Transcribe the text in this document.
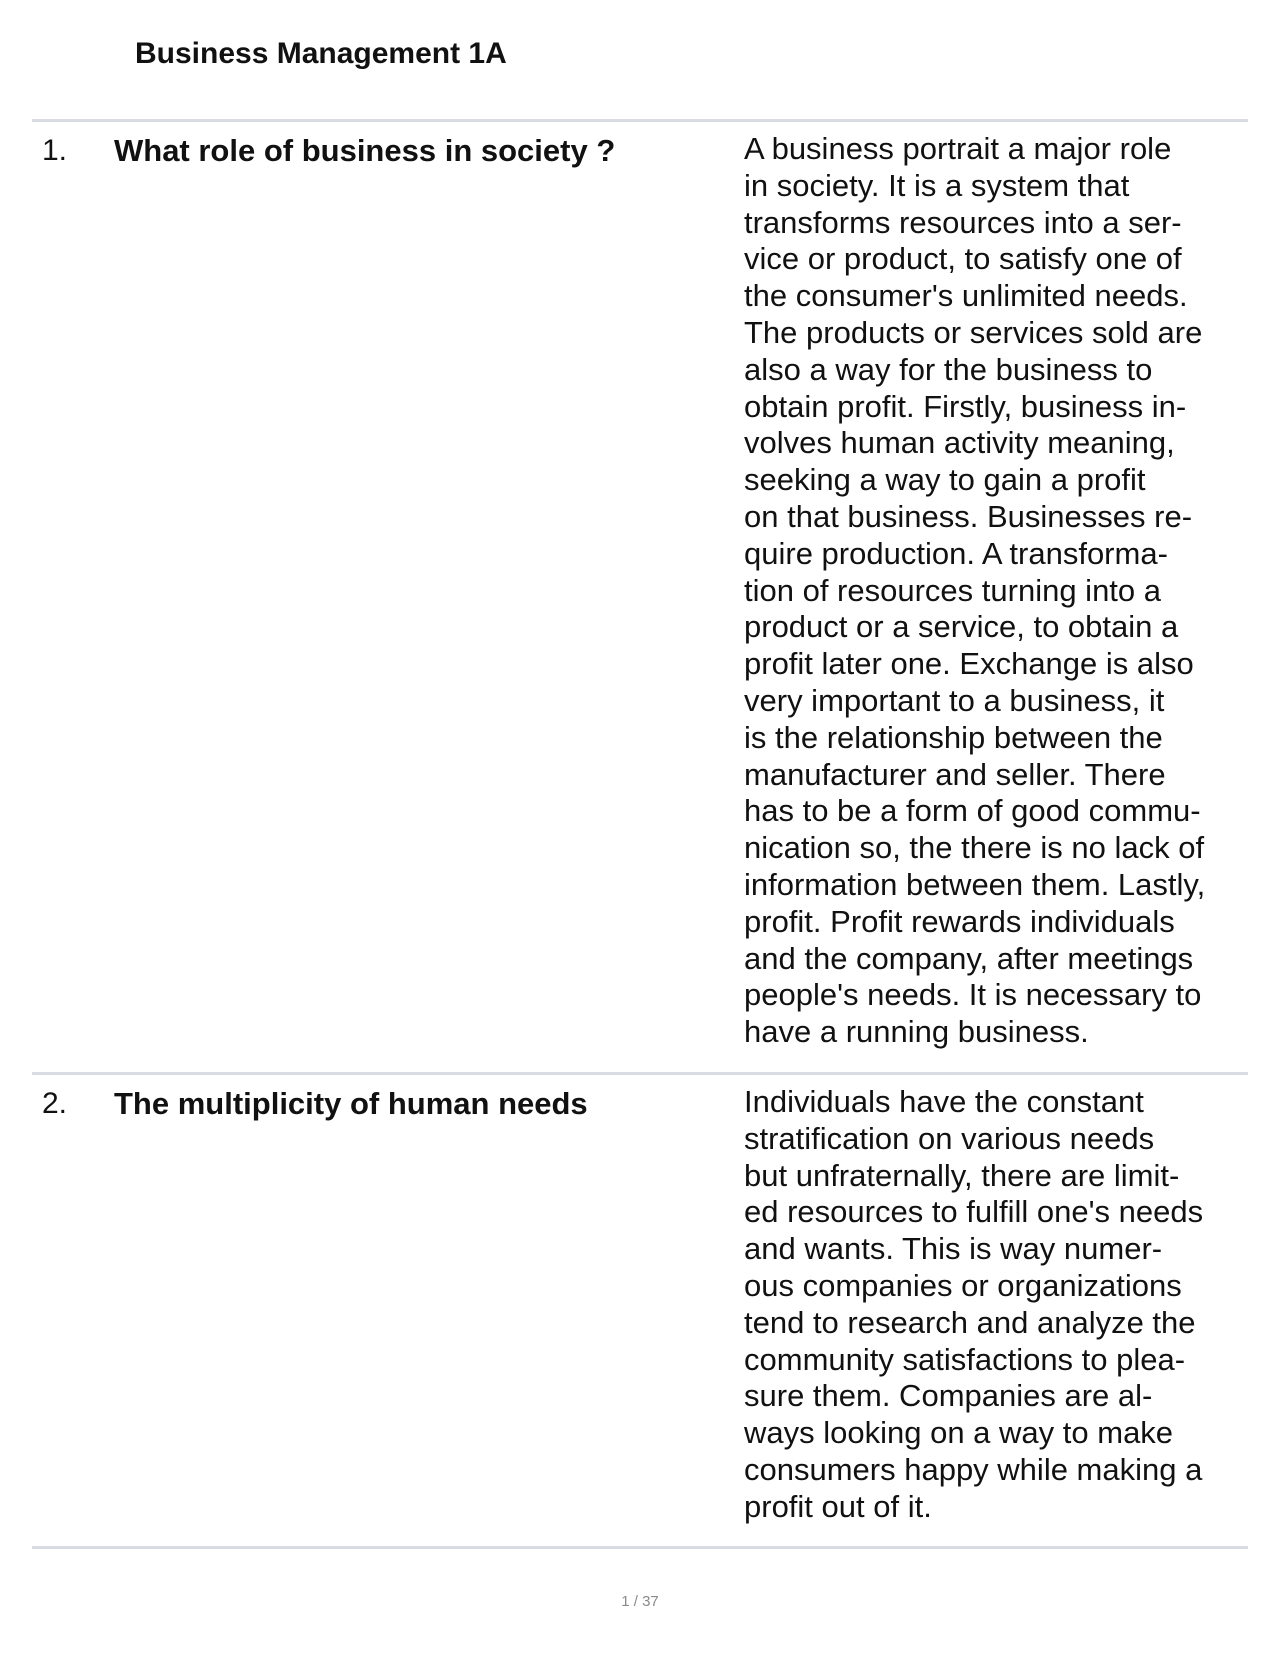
Business Management 1A
1. What role of business in society ?	A business portrait a major role
in society. It is a system that
transforms resources into a ser-
vice or product, to satisfy one of
the consumer's unlimited needs.
The products or services sold are
also a way for the business to
obtain profit. Firstly, business in-
volves human activity meaning,
seeking a way to gain a profit
on that business. Businesses re-
quire production. A transforma-
tion of resources turning into a
product or a service, to obtain a
profit later one. Exchange is also
very important to a business, it
is the relationship between the
manufacturer and seller. There
has to be a form of good commu-
nication so, the there is no lack of
information between them. Lastly,
profit. Profit rewards individuals
and the company, after meetings
people's needs. It is necessary to
have a running business.
2. The multiplicity of human needs	Individuals have the constant
stratification on various needs
but unfraternally, there are limit-
ed resources to fulfill one's needs
and wants. This is way numer-
ous companies or organizations
tend to research and analyze the
community satisfactions to plea-
sure them. Companies are al-
ways looking on a way to make
consumers happy while making a
profit out of it.
1 / 37
